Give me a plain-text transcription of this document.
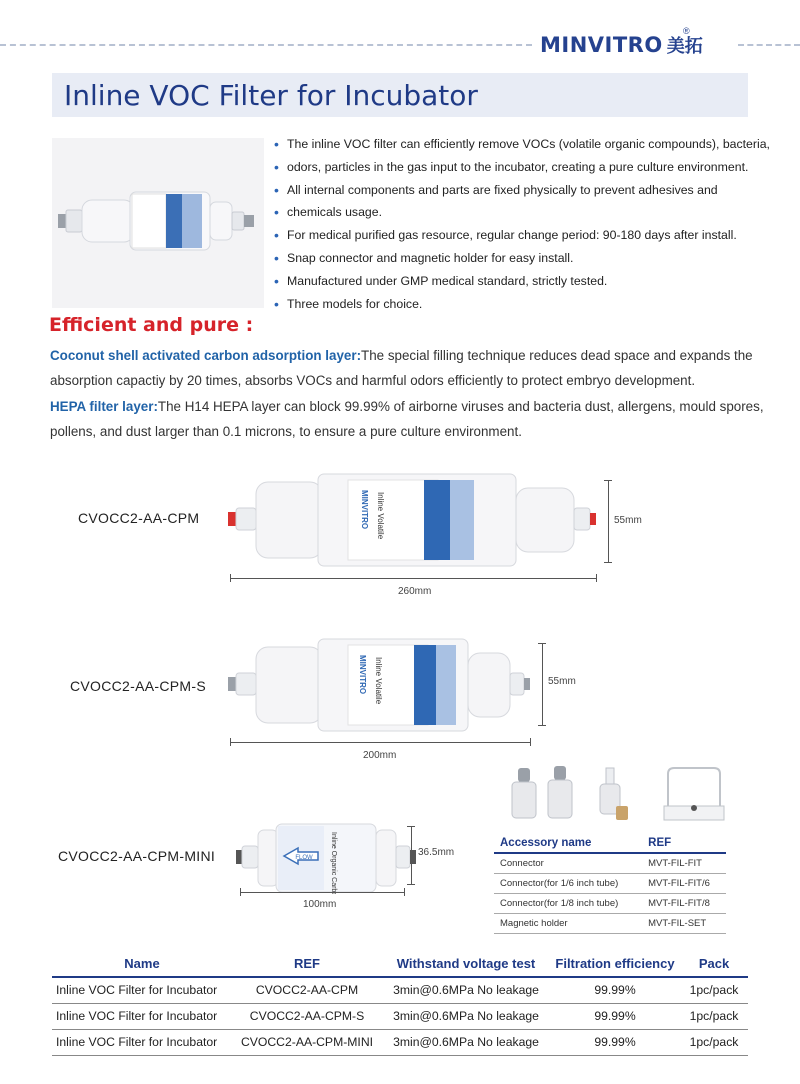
MINVITRO 美拓
®
Inline VOC Filter for Incubator
• The inline VOC filter can efficiently remove VOCs (volatile organic compounds), bacteria,
• odors, particles in the gas input to the incubator, creating a pure culture environment.
• All internal components and parts are fixed physically to prevent adhesives and
• chemicals usage.
• For medical purified gas resource, regular change period: 90-180 days after install.
• Snap connector and magnetic holder for easy install.
• Manufactured under GMP medical standard, strictly tested.
• Three models for choice.
Efficient and pure :
Coconut shell activated carbon adsorption layer:The special filling technique reduces dead space and expands the absorption capactiy by 20 times, absorbs VOCs and harmful odors efficiently to protect embryo development.
HEPA filter layer:The H14 HEPA layer can block 99.99% of airborne viruses and bacteria dust, allergens, mould spores, pollens, and dust larger than 0.1 microns, to ensure a pure culture environment.
CVOCC2-AA-CPM	MINVITRO Inline Volatile	55mm
260mm
CVOCC2-AA-CPM-S	MINVITRO Inline Volatile	55mm
200mm
CVOCC2-AA-CPM-MINI	FLOW Inline Organic Carbon	36.5mm
100mm
Accessory name	REF
Connector	MVT-FIL-FIT
Connector(for 1/6 inch tube)	MVT-FIL-FIT/6
Connector(for 1/8 inch tube)	MVT-FIL-FIT/8
Magnetic holder	MVT-FIL-SET
Name	REF	Withstand voltage test	Filtration efficiency	Pack
Inline VOC Filter for Incubator	CVOCC2-AA-CPM	3min@0.6MPa No leakage	99.99%	1pc/pack
Inline VOC Filter for Incubator	CVOCC2-AA-CPM-S	3min@0.6MPa No leakage	99.99%	1pc/pack
Inline VOC Filter for Incubator	CVOCC2-AA-CPM-MINI	3min@0.6MPa No leakage	99.99%	1pc/pack
